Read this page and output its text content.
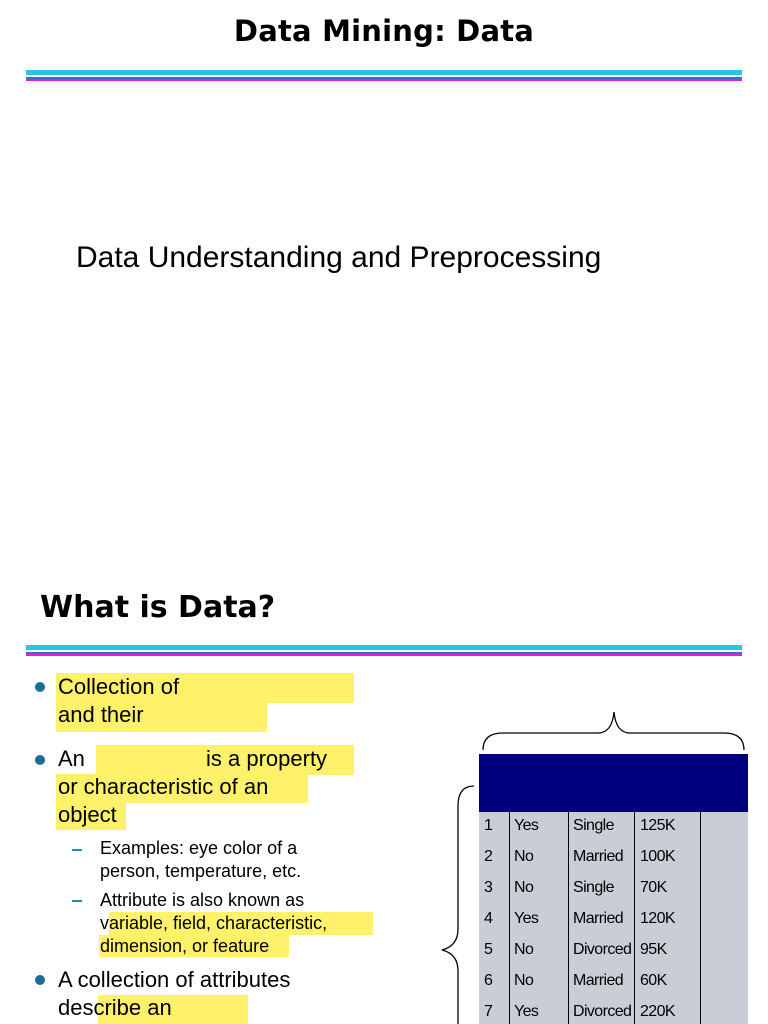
Data Mining: Data
Data Understanding and Preprocessing
What is Data?
Collection of
and their
An	is a property
or characteristic of an
object
Examples: eye color of a
person, temperature, etc.
Attribute is also known as
variable, field, characteristic,
dimension, or feature
A collection of attributes
describe an
1 Yes Single 125K
2 No Married 100K
3 No Single 70K
4 Yes Married 120K
5 No Divorced 95K
6 No Married 60K
7 Yes Divorced 220K
